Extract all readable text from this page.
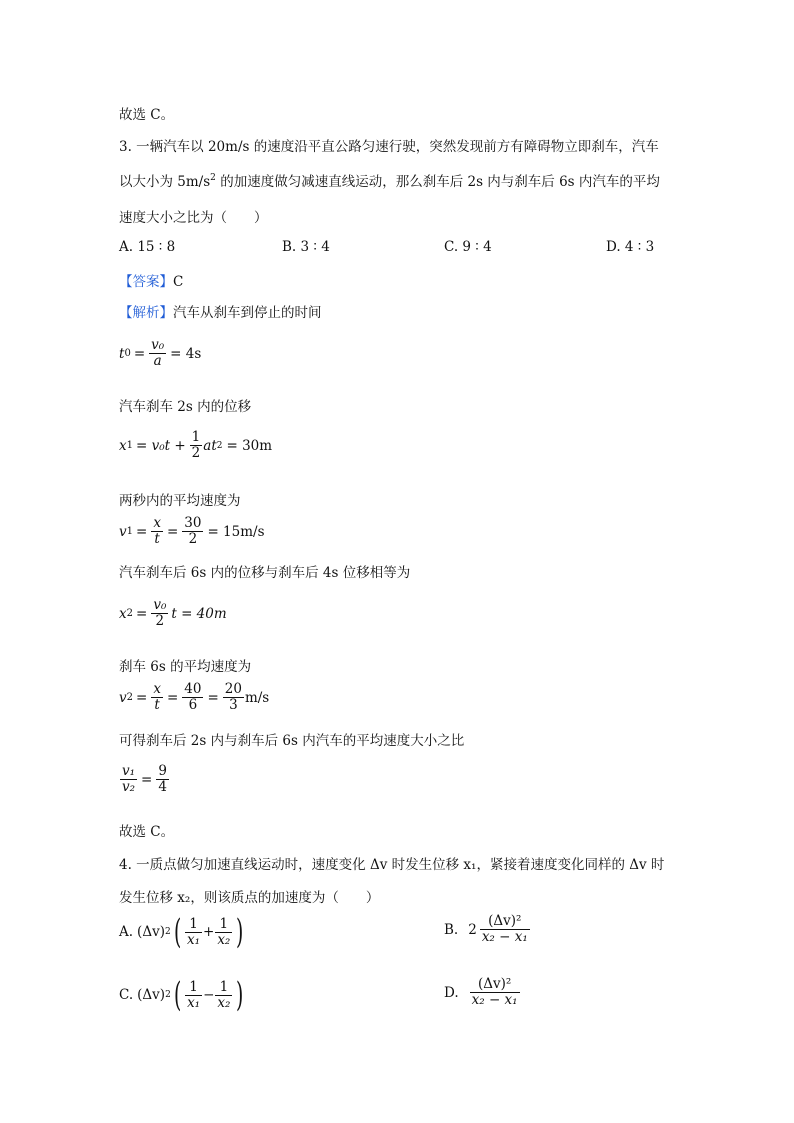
故选 C。
3. 一辆汽车以 20m/s 的速度沿平直公路匀速行驶，突然发现前方有障碍物立即刹车，汽车
以大小为 $5m/s^2$ 的加速度做匀减速直线运动，那么刹车后 2s 内与刹车后 6s 内汽车的平均
速度大小之比为（　　）
A. 15 ∶ 8	B. 3 ∶ 4	C. 9 ∶ 4	D. 4 ∶ 3
【答案】C
【解析】汽车从刹车到停止的时间
t $0 = \frac{\text{v₀}}{a} = 4s$
汽车刹车 2s 内的位移
x $1 = v_0t + \frac{1}{2}$ at 2 = 30m
两秒内的平均速度为
v $1 = \frac{x}{t} = \frac{30}{2} = 15m/s$
汽车刹车后 6s 内的位移与刹车后 4s 位移相等为
x $2 = \frac{\text{v₀}}{2}$ t = 40m
刹车 6s 的平均速度为
v $2 = \frac{x}{t} = \frac{40}{6} = \frac{20}{3} m/s$
可得刹车后 2s 内与刹车后 6s 内汽车的平均速度大小之比
$\frac{\text{v₁}}{\text{v₂}} = \frac{9}{4}$
故选 C。
4. 一质点做匀加速直线运动时，速度变化 Δv 时发生位移 x₁，紧接着速度变化同样的 Δv 时
发生位移 x₂，则该质点的加速度为（　　）
A. (Δv) 2 ( $\frac{1}{\text{x₁}} + \frac{1}{\text{x₂}}$ )	B. $2 \frac{\text{(Δv)²}}{\text{x₂ − x₁}}$
C. (Δv) 2 ( $\frac{1}{\text{x₁}} - \frac{1}{\text{x₂}}$ )	D. $\frac{\text{(Δv)²}}{\text{x₂ − x₁}}$
